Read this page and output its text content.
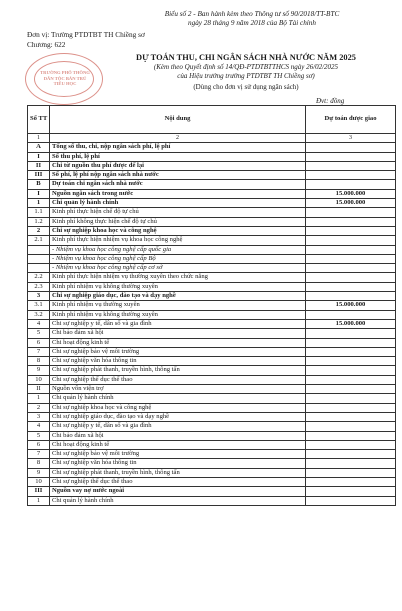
Biểu số 2 - Ban hành kèm theo Thông tư số 90/2018/TT-BTC
ngày 28 tháng 9 năm 2018 của Bộ Tài chính
Đơn vị: Trường PTDTBT TH Chiềng sơ
Chương: 622
TRƯỜNG PHỔ THÔNG DÂN TỘC BÁN TRÚ TIỂU HỌC
DỰ TOÁN THU, CHI NGÂN SÁCH NHÀ NƯỚC NĂM 2025
(Kèm theo Quyết định số 14/QĐ-PTDTBTTHCS ngày 26/02/2025
của Hiệu trưởng trường PTDTBT TH Chiềng sơ)
(Dùng cho đơn vị sử dụng ngân sách)
Đvt: đồng
Số TT	Nội dung	Dự toán được giao
1	2	3
A	Tổng số thu, chi, nộp ngân sách phí, lệ phí	
I	Số thu phí, lệ phí	
II	Chi từ nguồn thu phí được để lại	
III	Số phí, lệ phí nộp ngân sách nhà nước	
B	Dự toán chi ngân sách nhà nước	
I	Nguồn ngân sách trong nước	15.000.000
1	Chi quản lý hành chính	15.000.000
1.1	Kinh phí thực hiện chế độ tự chủ	
1.2	Kinh phí không thực hiện chế độ tự chủ	
2	Chi sự nghiệp khoa học và công nghệ	
2.1	Kinh phí thực hiện nhiệm vụ khoa học công nghệ	
	- Nhiệm vụ khoa học công nghệ cấp quốc gia	
	- Nhiệm vụ khoa học công nghệ cấp Bộ	
	- Nhiệm vụ khoa học công nghệ cấp cơ sở	
2.2	Kinh phí thực hiện nhiệm vụ thường xuyên theo chức năng	
2.3	Kinh phí nhiệm vụ không thường xuyên	
3	Chi sự nghiệp giáo dục, đào tạo và dạy nghề	
3.1	Kinh phí nhiệm vụ thường xuyên	15.000.000
3.2	Kinh phí nhiệm vụ không thường xuyên	
4	Chi sự nghiệp y tế, dân số và gia đình	15.000.000
5	Chi bảo đảm xã hội	
6	Chi hoạt động kinh tế	
7	Chi sự nghiệp bảo vệ môi trường	
8	Chi sự nghiệp văn hóa thông tin	
9	Chi sự nghiệp phát thanh, truyền hình, thông tấn	
10	Chi sự nghiệp thể dục thể thao	
II	Nguồn vốn viện trợ	
1	Chi quản lý hành chính	
2	Chi sự nghiệp khoa học và công nghệ	
3	Chi sự nghiệp giáo dục, đào tạo và dạy nghề	
4	Chi sự nghiệp y tế, dân số và gia đình	
5	Chi bảo đảm xã hội	
6	Chi hoạt động kinh tế	
7	Chi sự nghiệp bảo vệ môi trường	
8	Chi sự nghiệp văn hóa thông tin	
9	Chi sự nghiệp phát thanh, truyền hình, thông tấn	
10	Chi sự nghiệp thể dục thể thao	
III	Nguồn vay nợ nước ngoài	
1	Chi quản lý hành chính	
